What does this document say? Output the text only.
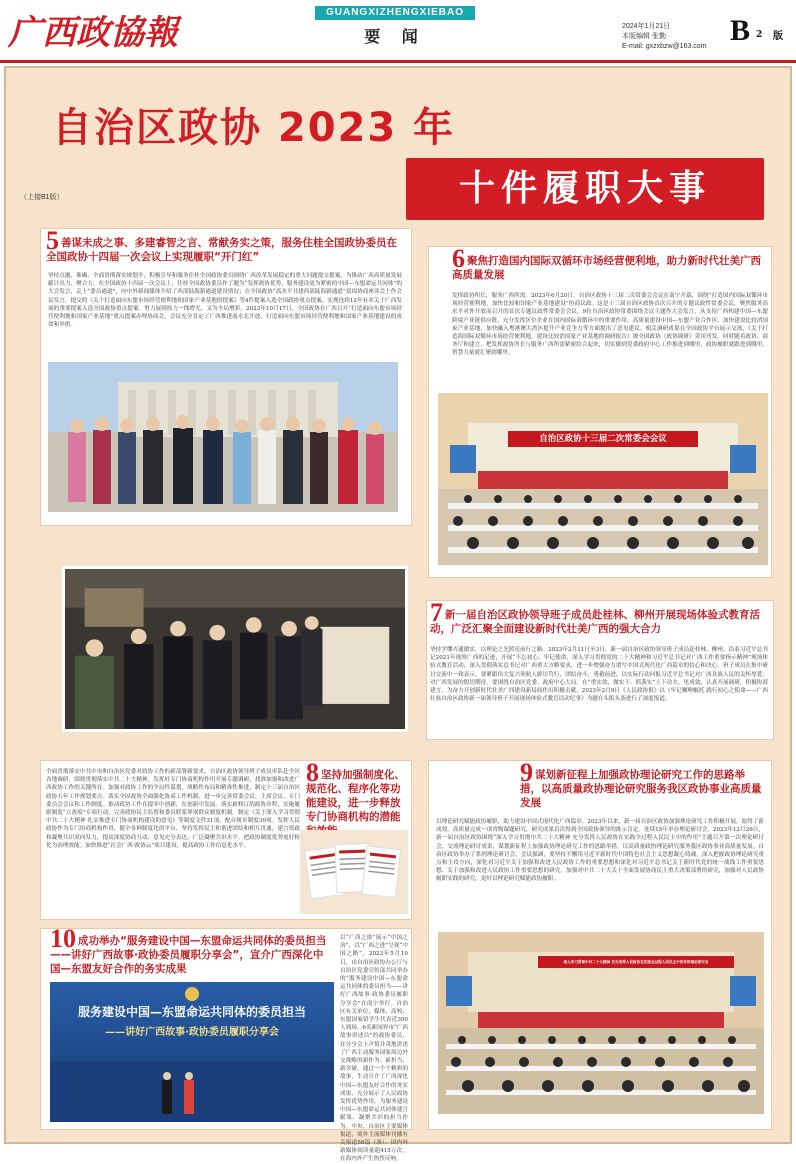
广西政協報
GUANGXIZHENGXIEBAO
要 闻
2024年1月21日
本版编辑 张勤
E-mail: gxzxbzw@163.com B 2 版
自治区政协 2023 年
（上接B1版）	十件履职大事
5 善谋未成之事、多建睿智之言、常献务实之策，服务住桂全国政协委员在全国政协十四届一次会议上实现履职“开门红”
坚持点题、准确、全面贯彻落实规划全，积极引导和服务住桂全国政协委员围绕广西改革发展稳定的重大问题提交提案。为推动广西高质量发展献计出力、聚合力。在全国政协十四届一次会议上，住桂全国政协委员作了题为“发挥政协优势，服务建设更为紧密的中国—东盟命运共同体”的大会发言，走上“委员通道”，向中外新闻媒体介绍了西部陆海新通道建设情况；在全国政协“高水平共建西部陆海新通道”双周协商座谈会上作会议发言，提交的《关于打造面向东盟市场经营便利地和国家产业基地的提案》等4件提案入选全国政协重点提案，实现连续12年有率关于广西发展的重要提案入选全国政协重点提案。努力展到执力一线增光。又为全局增彩。2023年10月17日，全国政协在广西召开“打造面向东盟市场经营便利地和国家产业基地”重点提案办理协商会，会议充分肯定了广西推进南水北开放，打造面向东盟市场经营便利地和国家产业基地建设的成效和举措。
6 聚焦打造国内国际双循环市场经营便利地，助力新时代壮美广西高质量发展
发挥政协所长，服务广西所需。2023年6月20日，自治区政协十三届二次常委会会议在南宁开幕，围绕“打造国内国际双循环市场经营便利地，加快比较和国家产业基地建设”协商议政。这是十三届自治区政协首次召开的专题议政性常委会议，聚焦服务高水平对外开放而召开的首次专题议政性常委会会议，9位自治区政协常委围绕会议主题作大会发言，从支持广西构建中国—东盟跨境产业链供应链、充分发挥区位企业在国内国际双循环中的重要作用、高质量建设中国—东盟产业合作区、加快建设比较消国家产业基地、加快融入粤港澳大湾区提升产业竞争力等方面提出了意见建议。相关调研成果在全国政协平台展示交流，《关于打造海国际双循环市场经营便利地，建设比较消国家产业基地的调研报告》被全国政协《政协调研》采用刊发。同时随着政协、商务厅和建言，把发挥政协所长与服务广西所需紧密结合起来，切实做到党委政府中心工作推进到哪里，政协履职就跟进到哪里，智慧力量就汇聚到哪里。
自治区政协十三届二次常委会会议
7 新一届自治区政协领导班子成员赴桂林、柳州开展现场体验式教育活动，广泛汇聚全面建设新时代壮美广西的强大合力
坚持学懂弄通做实，以理论之光照亮前行之路。2023年2月11日至3日，新一届自治区政协领导班子成员赴桂林、柳州，沿着习近平总书记2021年视察广西的足迹，开展“不忘初心，牢记使命，深入学习贯彻党的二十大精神和习近平总书记对广西工作重要指示精神”现场体验式教育活动，深入贯彻落实总书记对广西重大方略要求，进一步增强奋力谱写中国式现代化广西篇章的信心和决心。班子成员在集中研讨交流中一致表示，要紧跟伟大复兴领航人踔厉笃行，团结奋斗，勇毅前进，以实际行动回报习近平总书记对广西各族人民的关怀厚爱，对广西发展的殷切期待。要围绕自治区党委、政府中心大局，在“重实效，做实干、抓落实”上下功夫、见成效，认真开展调研，积极协商建言，为奋力开创新时代壮美广西建设新局面作出积极贡献。2023年2月9日《人民政协报》以《牢记嘱咐幅托 践行初心之使命——广西壮族自治区政协新一届领导班子开展现场体验式教育活动纪事》为题在头版头条进行了深度报道。
全面贯彻落实中共中央和自治区党委对政协工作的新部署新要求，自治区政协领导班子成员率队赴全区各地调研，围绕贯彻落实中共二十大精神，发挥好专门协商机构作用开展专题调研，找准加强和改进广西政协工作的关键所在。加强对政协工作的全局性谋划，战略性布局和精准性推进，制定十三届自治区政协五年工作规划要点。落实全国政协全面强化协商工作机制，进一步完善常委会议、主席会议、专门委员会会议和工作制度。推动政协工作在提率中创新，在创新中发展。落实新修订的政协章程，实施履职制度“立改废”专项行动，完善政协民主监督和委员联系界别群众制度机制。制定《关于深入学习贯彻中共二十大精神 扎实推进专门协商机构建设的意见》等制度文件31项，配台规章制度30项。发挥人民政协作为专门协商机构作用，健全各种制度化的平台，坚持发挥民主和谐进团结和相互贯通，建言资政和凝聚共识双向发力，提高深度协商互动、意见充分表达、广泛凝聚共识水平，把政协制度优势更好转化为治理效能。加快推进“社会广西·政协云”项目建设，提高政协工作信息化水平。
8 坚持加强制度化、规范化、程序化等功能建设，进一步释放专门协商机构的潜能
9 谋划新征程上加强政协理论研究工作的思路举措，以高质量政协理论研究服务我区政协事业高质量发展
以理论研究赋能政协履职，助力建设中国式现代化广西篇章。2023年以来，新一届自治区政协加强理论研究工作积极开展，取得了新成效。高质量完成一项省级课题研究，研究成果首次得到全国政协领导的批示肯定。连续15年举办理论研讨会，2023年12月26日，新一届自治区政协围绕“深入学习贯彻中共二十大精神 充分发挥人民政协在实践全过程人民民主中的作用”主题召开第一次理论研讨会，交流理论研讨成果，谋划新征程上加强政协理论研究工作的思路举措，以高质量政协理论研究服务我区政协事业高质量发展。自治区政协举办了系列理论研讨会，会议强调，要坚持不懈用习近平新时代中国特色社会主义思想凝心铸魂，深入把握政协理论研究重点和主攻方向，深化对习近平关于加强和改进人民政协工作的重要思想和深化对习近平总书记关于新时代党的统一战线工作重要思想、关于加强和改进人民政协工作重要思想的研究。加强对中共二十大关于全面发展协商民主重大决策部署的研究，加强对人民政协履职实践的研究，更好以理论研究赋能政协履职。
深入学习贯彻中共二十大精神 充分发挥人民政协在实践全过程人民民主中的作用理论研讨会
10 成功举办“服务建设中国—东盟命运共同体的委员担当——讲好广西故事·政协委员履职分享会”，宣介广西深化中国—东盟友好合作的务实成果
以“广西之窗”展示“中国之治”，以“广西之进”呈现“中国之路”。2023年5月10日，由自治区政协办公厅与自治区党委宣传部共同举办的“服务建设中国—东盟命运共同体的委员担当——讲好广西故事·政协委员履职分享会”在南宁举行。自治区有关单位、媒体、高校、东盟国家留学生代表近300人到场。6名新闻界市“广西故事讲述员”的政协委员，在分享会上声情并茂地讲述了广西主动服务国家周边外交战略的新作为、新担当、新突破。通过一个个精彩的故事，生动宣介了广西深化中国—东盟友好合作的务实成果，充分展示了人民政协发挥优势作用，为服务建设中国—东盟命运共同体建言献策、凝聚共识的担当作为。中央、自治区主要媒体报道，境外主流媒体刊播有关报道58篇（条），国内外新媒体阅读量超415万次，在海内外产生热烈反响。
服务建设中国—东盟命运共同体的委员担当
——讲好广西故事·政协委员履职分享会
